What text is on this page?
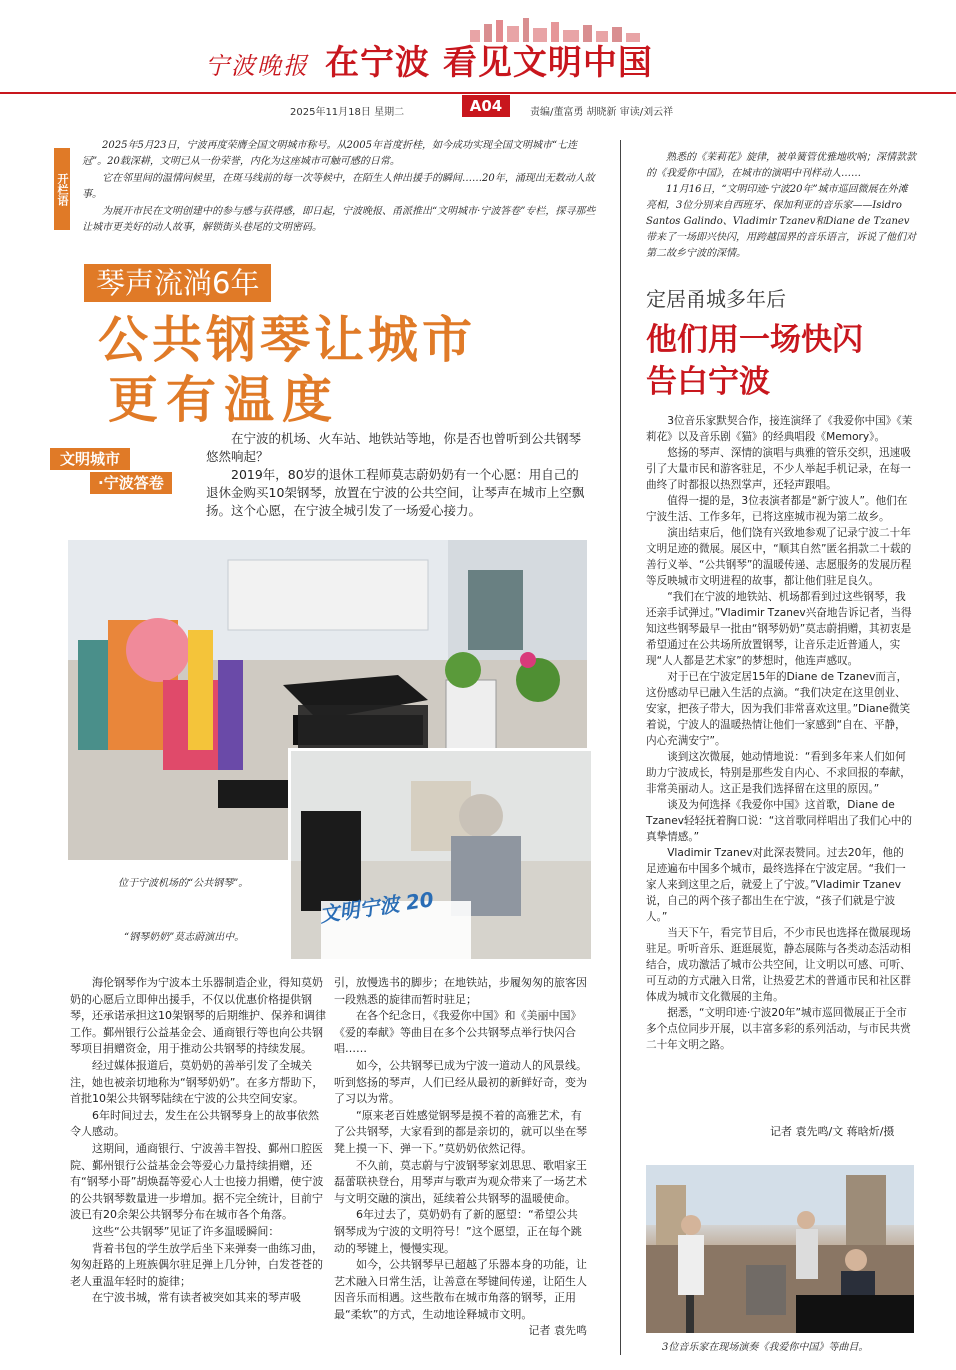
宁波晚报 在宁波 看见文明中国
2025年11月18日 星期二	A04	责编/董富勇 胡晓新 审读/刘云祥
开栏语

2025年5月23日，宁波再度荣膺全国文明城市称号。从2005年首度折桂，如今成功实现全国文明城市“七连冠”。20载深耕，文明已从一份荣誉，内化为这座城市可触可感的日常。

它在邻里间的温情问候里，在斑马线前的每一次等候中，在陌生人伸出援手的瞬间……20年，涌现出无数动人故事。

为展开市民在文明创建中的参与感与获得感，即日起，宁波晚报、甬派推出“文明城市·宁波答卷”专栏，探寻那些让城市更美好的动人故事，解锁街头巷尾的文明密码。

琴声流淌6年
公共钢琴让城市
更有温度
文明城市
·宁波答卷

在宁波的机场、火车站、地铁站等地，你是否也曾听到公共钢琴悠然响起？

2019年，80岁的退休工程师莫志蔚奶奶有一个心愿：用自己的退休金购买10架钢琴，放置在宁波的公共空间，让琴声在城市上空飘扬。这个心愿，在宁波全城引发了一场爱心接力。

文明宁波 20
位于宁波机场的“公共钢琴”。
“钢琴奶奶”莫志蔚演出中。

海伦钢琴作为宁波本土乐器制造企业，得知莫奶奶的心愿后立即伸出援手，不仅以优惠价格提供钢琴，还承诺承担这10架钢琴的后期维护、保养和调律工作。鄞州银行公益基金会、通商银行等也向公共钢琴项目捐赠资金，用于推动公共钢琴的持续发展。

经过媒体报道后，莫奶奶的善举引发了全城关注，她也被亲切地称为“钢琴奶奶”。在多方帮助下，首批10架公共钢琴陆续在宁波的公共空间安家。

6年时间过去，发生在公共钢琴身上的故事依然令人感动。

这期间，通商银行、宁波善丰智投、鄞州口腔医院、鄞州银行公益基金会等爱心力量持续捐赠，还有“钢琴小哥”胡焕磊等爱心人士也接力捐赠，使宁波的公共钢琴数量进一步增加。据不完全统计，目前宁波已有20余架公共钢琴分布在城市各个角落。

这些“公共钢琴”见证了许多温暖瞬间：

背着书包的学生放学后坐下来弹奏一曲练习曲，匆匆赶路的上班族偶尔驻足弹上几分钟，白发苍苍的老人重温年轻时的旋律；

在宁波书城，常有读者被突如其来的琴声吸

引，放慢选书的脚步；在地铁站，步履匆匆的旅客因一段熟悉的旋律而暂时驻足；

在各个纪念日，《我爱你中国》和《美丽中国》《爱的奉献》等曲目在多个公共钢琴点举行快闪合唱……

如今，公共钢琴已成为宁波一道动人的风景线。听到悠扬的琴声，人们已经从最初的新鲜好奇，变为了习以为常。

“原来老百姓感觉钢琴是摸不着的高雅艺术，有了公共钢琴，大家看到的都是亲切的，就可以坐在琴凳上摸一下、弹一下。”莫奶奶依然记得。

不久前，莫志蔚与宁波钢琴家刘思思、歌唱家王磊蕾联袂登台，用琴声与歌声为观众带来了一场艺术与文明交融的演出，延续着公共钢琴的温暖使命。

6年过去了，莫奶奶有了新的愿望：“希望公共钢琴成为宁波的文明符号！”这个愿望，正在每个跳动的琴键上，慢慢实现。

如今，公共钢琴早已超越了乐器本身的功能，让艺术融入日常生活，让善意在琴键间传递，让陌生人因音乐而相遇。这些散布在城市角落的钢琴，正用最“柔软”的方式，生动地诠释城市文明。

记者 袁先鸣

熟悉的《茉莉花》旋律，被单簧管优雅地吹响；深情款款的《我爱你中国》，在城市的演唱中刊样动人……

11月16日，“文明印迹·宁波20年”城市巡回微展在外滩亮相，3位分别来自西班牙、保加利亚的音乐家——Isidro Santos Galindo、Vladimir Tzanev和Diane de Tzanev带来了一场即兴快闪，用跨越国界的音乐语言，诉说了他们对第二故乡宁波的深情。

定居甬城多年后
他们用一场快闪
告白宁波

3位音乐家默契合作，接连演绎了《我爱你中国》《茉莉花》以及音乐剧《猫》的经典唱段《Memory》。

悠扬的琴声、深情的演唱与典雅的管乐交织，迅速吸引了大量市民和游客驻足，不少人举起手机记录，在每一曲终了时都报以热烈掌声，还轻声跟唱。

值得一提的是，3位表演者都是“新宁波人”。他们在宁波生活、工作多年，已将这座城市视为第二故乡。

演出结束后，他们饶有兴致地参观了记录宁波二十年文明足迹的微展。展区中，“顺其自然”匿名捐款二十载的善行义举、“公共钢琴”的温暖传递、志愿服务的发展历程等反映城市文明进程的故事，都让他们驻足良久。

“我们在宁波的地铁站、机场都看到过这些钢琴，我还亲手试弹过。”Vladimir Tzanev兴奋地告诉记者，当得知这些钢琴最早一批由“钢琴奶奶”莫志蔚捐赠，其初衷是希望通过在公共场所放置钢琴，让音乐走近普通人，实现“人人都是艺术家”的梦想时，他连声感叹。

对于已在宁波定居15年的Diane de Tzanev而言，这份感动早已融入生活的点滴。“我们决定在这里创业、安家，把孩子带大，因为我们非常喜欢这里。”Diane微笑着说，宁波人的温暖热情让他们一家感到“自在、平静，内心充满安宁”。

谈到这次微展，她动情地说：“看到多年来人们如何助力宁波成长，特别是那些发自内心、不求回报的奉献，非常美丽动人。这正是我们选择留在这里的原因。”

谈及为何选择《我爱你中国》这首歌，Diane de Tzanev轻轻抚着胸口说：“这首歌同样唱出了我们心中的真挚情感。”

Vladimir Tzanev对此深表赞同。过去20年，他的足迹遍布中国多个城市，最终选择在宁波定居。“我们一家人来到这里之后，就爱上了宁波。”Vladimir Tzanev说，自己的两个孩子都出生在宁波，“孩子们就是宁波人。”

当天下午，看完节目后，不少市民也选择在微展现场驻足。听听音乐、逛逛展览，静态展陈与各类动态活动相结合，成功激活了城市公共空间，让文明以可感、可听、可互动的方式融入日常，让热爱艺术的普通市民和社区群体成为城市文化微展的主角。

据悉，“文明印迹·宁波20年”城市巡回微展正于全市多个点位同步开展，以丰富多彩的系列活动，与市民共赏二十年文明之路。

记者 袁先鸣/文 蒋晗炘/摄
3位音乐家在现场演奏《我爱你中国》等曲目。
